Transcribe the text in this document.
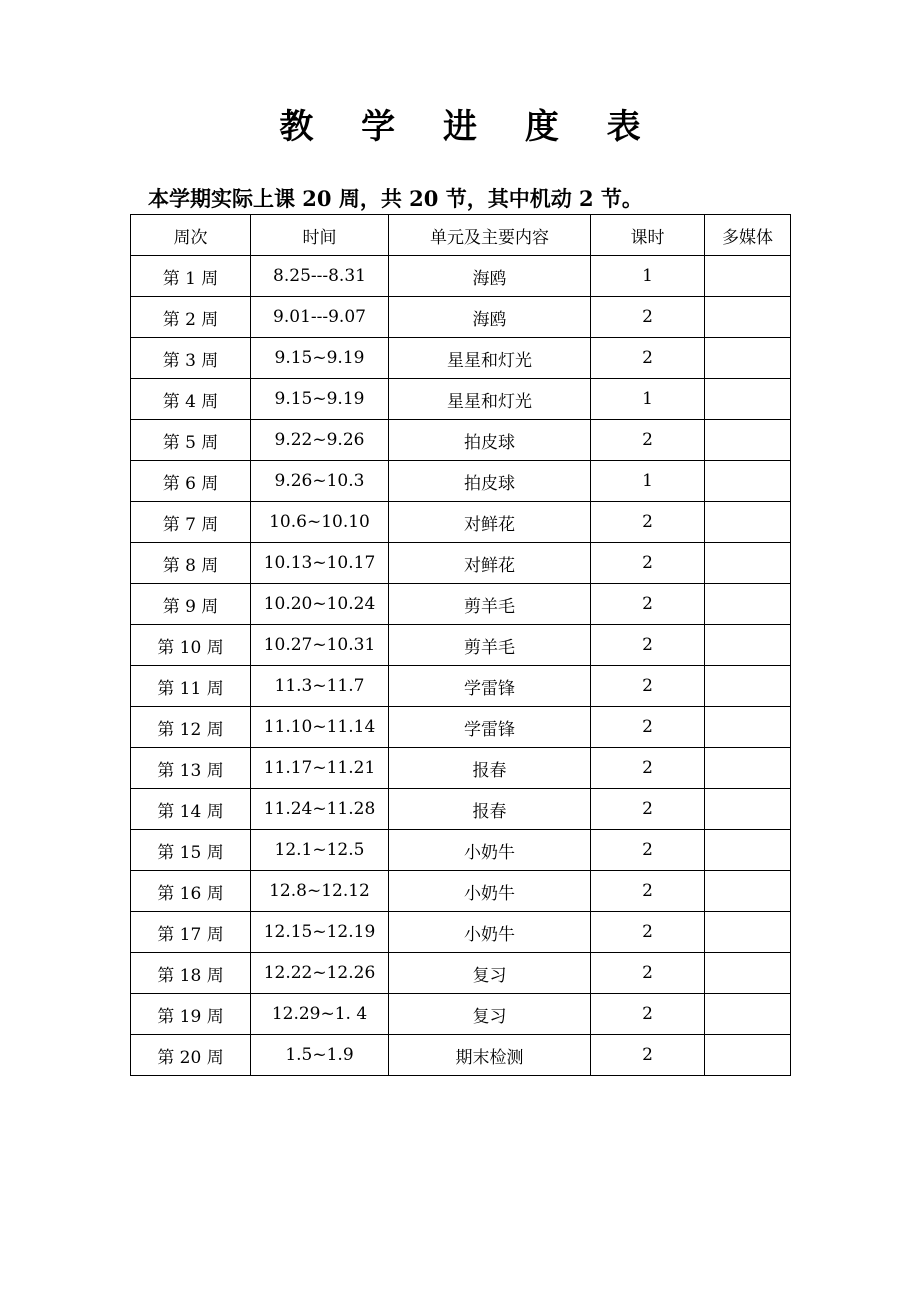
教 学 进 度 表
本学期实际上课 20 周，共 20 节，其中机动 2 节。
周次	时间	单元及主要内容	课时	多媒体
第 1 周	8.25---8.31	海鸥	1	
第 2 周	9.01---9.07	海鸥	2	
第 3 周	9.15~9.19	星星和灯光	2	
第 4 周	9.15~9.19	星星和灯光	1	
第 5 周	9.22~9.26	拍皮球	2	
第 6 周	9.26~10.3	拍皮球	1	
第 7 周	10.6~10.10	对鲜花	2	
第 8 周	10.13~10.17	对鲜花	2	
第 9 周	10.20~10.24	剪羊毛	2	
第 10 周	10.27~10.31	剪羊毛	2	
第 11 周	11.3~11.7	学雷锋	2	
第 12 周	11.10~11.14	学雷锋	2	
第 13 周	11.17~11.21	报春	2	
第 14 周	11.24~11.28	报春	2	
第 15 周	12.1~12.5	小奶牛	2	
第 16 周	12.8~12.12	小奶牛	2	
第 17 周	12.15~12.19	小奶牛	2	
第 18 周	12.22~12.26	复习	2	
第 19 周	12.29~1. 4	复习	2	
第 20 周	1.5~1.9	期末检测	2	
